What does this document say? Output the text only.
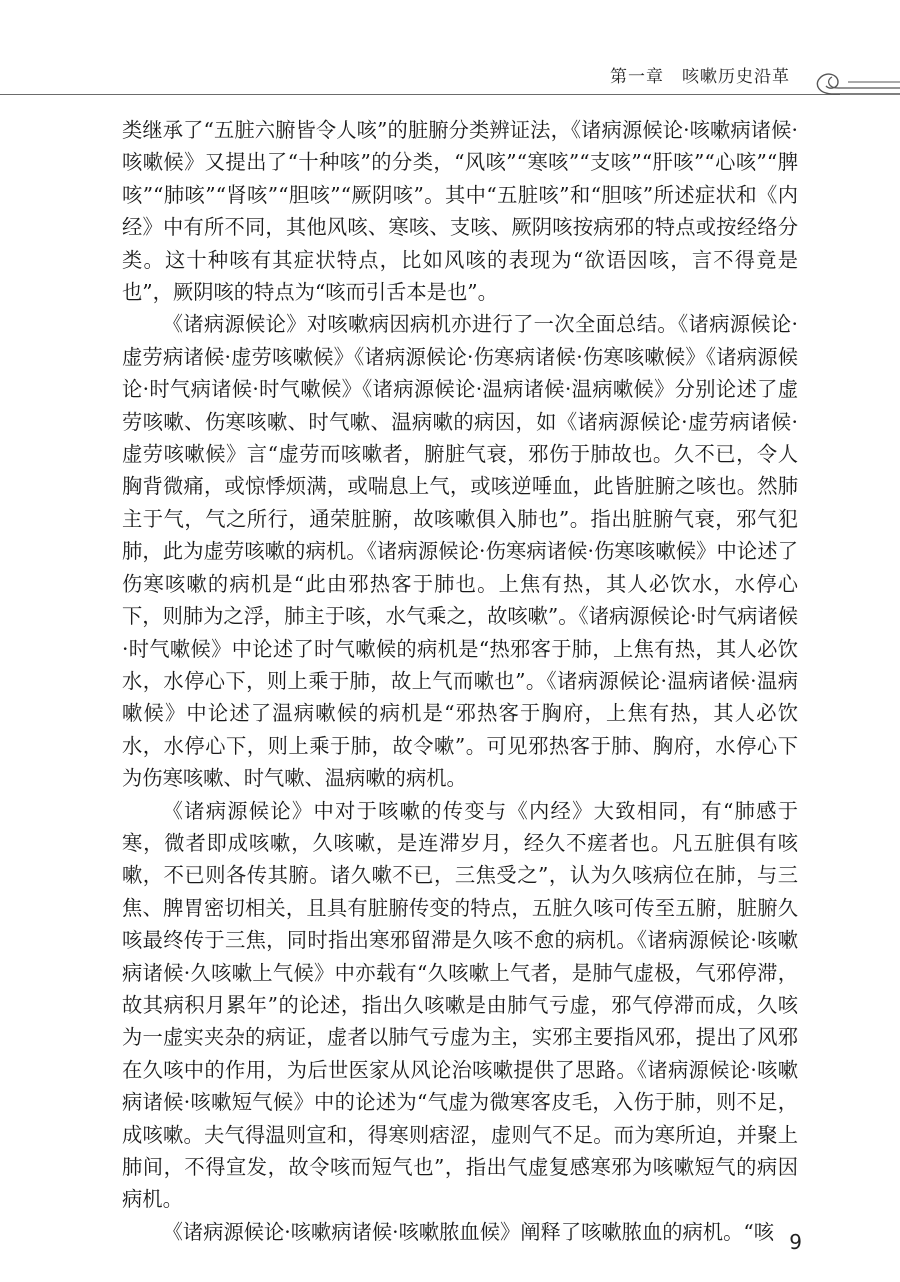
第一章　咳嗽历史沿革

类继承了“五脏六腑皆令人咳”的脏腑分类辨证法，《诸病源候论·咳嗽病诸候·咳嗽候》又提出了“十种咳”的分类，“风咳”“寒咳”“支咳”“肝咳”“心咳”“脾咳”“肺咳”“肾咳”“胆咳”“厥阴咳”。其中“五脏咳”和“胆咳”所述症状和《内经》中有所不同，其他风咳、寒咳、支咳、厥阴咳按病邪的特点或按经络分类。这十种咳有其症状特点，比如风咳的表现为“欲语因咳，言不得竟是也”，厥阴咳的特点为“咳而引舌本是也”。

《诸病源候论》对咳嗽病因病机亦进行了一次全面总结。《诸病源候论·虚劳病诸候·虚劳咳嗽候》《诸病源候论·伤寒病诸候·伤寒咳嗽候》《诸病源候论·时气病诸候·时气嗽候》《诸病源候论·温病诸候·温病嗽候》分别论述了虚劳咳嗽、伤寒咳嗽、时气嗽、温病嗽的病因，如《诸病源候论·虚劳病诸候·虚劳咳嗽候》言“虚劳而咳嗽者，腑脏气衰，邪伤于肺故也。久不已，令人胸背微痛，或惊悸烦满，或喘息上气，或咳逆唾血，此皆脏腑之咳也。然肺主于气，气之所行，通荣脏腑，故咳嗽俱入肺也”。指出脏腑气衰，邪气犯肺，此为虚劳咳嗽的病机。《诸病源候论·伤寒病诸候·伤寒咳嗽候》中论述了伤寒咳嗽的病机是“此由邪热客于肺也。上焦有热，其人必饮水，水停心下，则肺为之浮，肺主于咳，水气乘之，故咳嗽”。《诸病源候论·时气病诸候·时气嗽候》中论述了时气嗽候的病机是“热邪客于肺，上焦有热，其人必饮水，水停心下，则上乘于肺，故上气而嗽也”。《诸病源候论·温病诸候·温病嗽候》中论述了温病嗽候的病机是“邪热客于胸府，上焦有热，其人必饮水，水停心下，则上乘于肺，故令嗽”。可见邪热客于肺、胸府，水停心下为伤寒咳嗽、时气嗽、温病嗽的病机。

《诸病源候论》中对于咳嗽的传变与《内经》大致相同，有“肺感于寒，微者即成咳嗽，久咳嗽，是连滞岁月，经久不瘥者也。凡五脏俱有咳嗽，不已则各传其腑。诸久嗽不已，三焦受之”，认为久咳病位在肺，与三焦、脾胃密切相关，且具有脏腑传变的特点，五脏久咳可传至五腑，脏腑久咳最终传于三焦，同时指出寒邪留滞是久咳不愈的病机。《诸病源候论·咳嗽病诸候·久咳嗽上气候》中亦载有“久咳嗽上气者，是肺气虚极，气邪停滞，故其病积月累年”的论述，指出久咳嗽是由肺气亏虚，邪气停滞而成，久咳为一虚实夹杂的病证，虚者以肺气亏虚为主，实邪主要指风邪，提出了风邪在久咳中的作用，为后世医家从风论治咳嗽提供了思路。《诸病源候论·咳嗽病诸候·咳嗽短气候》中的论述为“气虚为微寒客皮毛，入伤于肺，则不足，成咳嗽。夫气得温则宣和，得寒则痞涩，虚则气不足。而为寒所迫，并聚上肺间，不得宣发，故令咳而短气也”，指出气虚复感寒邪为咳嗽短气的病因病机。

《诸病源候论·咳嗽病诸候·咳嗽脓血候》阐释了咳嗽脓血的病机。“咳 9
